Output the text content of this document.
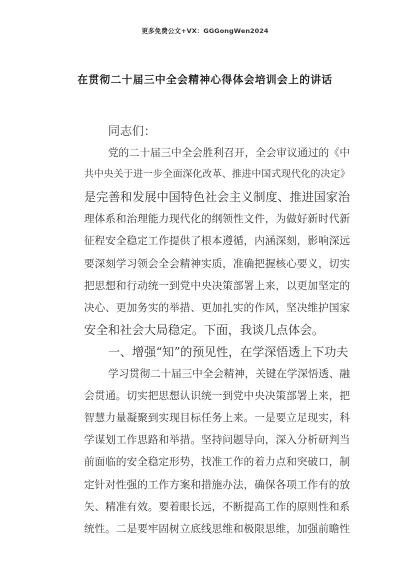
更多免费公文+VX：GGGongWen2024
在贯彻二十届三中全会精神心得体会培训会上的讲话
同志们：
党的二十届三中全会胜利召开，全会审议通过的《中
共中央关于进一步全面深化改革、推进中国式现代化的决定》
是完善和发展中国特色社会主义制度、推进国家治
理体系和治理能力现代化的纲领性文件，为做好新时代新
征程安全稳定工作提供了根本遵循，内涵深刻，影响深远
要深刻学习领会全会精神实质，准确把握核心要义，切实
把思想和行动统一到党中央决策部署上来，以更加坚定的
决心、更加务实的举措、更加扎实的作风，坚决维护国家
安全和社会大局稳定。下面，我谈几点体会。
一、增强“知”的预见性，在学深悟透上下功夫
学习贯彻二十届三中全会精神，关键在学深悟透、融
会贯通。切实把思想认识统一到党中央决策部署上来，把
智慧力量凝聚到实现目标任务上来。一是要立足现实，科
学谋划工作思路和举措。坚持问题导向，深入分析研判当
前面临的安全稳定形势，找准工作的着力点和突破口，制
定针对性强的工作方案和措施办法，确保各项工作有的放
矢、精准有效。要着眼长远，不断提高工作的原则性和系
统性。二是要牢固树立底线思维和极限思维，加强前瞻性
